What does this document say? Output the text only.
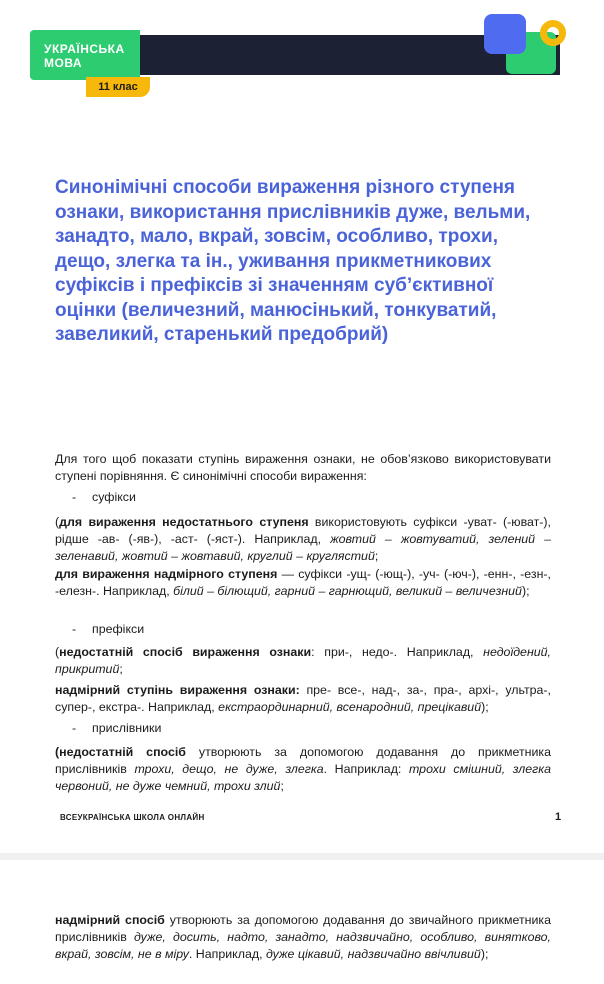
УКРАЇНСЬКА МОВА
11 клас
Синонімічні способи вираження різного ступеня ознаки, використання прислівників дуже, вельми, занадто, мало, вкрай, зовсім, особливо, трохи, дещо, злегка та ін., уживання прикметникових суфіксів і префіксів зі значенням суб’єктивної оцінки (величезний, манюсінький, тонкуватий, завеликий, старенький предобрий)

Для того щоб показати ступінь вираження ознаки, не обов’язково використовувати ступені порівняння. Є синонімічні способи вираження:

- суфікси

(для вираження недостатнього ступеня використовують суфікси -уват- (-юват-), рідше -ав- (-яв-), -аст- (-яст-). Наприклад, жовтий – жовтуватий, зелений – зеленавий, жовтий – жовтавий, круглий – круглястий;

для вираження надмірного ступеня — суфікси -ущ- (-ющ-), -уч- (-юч-), -енн-, -езн-, -елезн-. Наприклад, білий – білющий, гарний – гарнющий, великий – величезний);

- префікси

(недостатній спосіб вираження ознаки: при-, недо-. Наприклад, недоїдений, прикритий;

надмірний ступінь вираження ознаки: пре- все-, над-, за-, пра-, архі-, ультра-, супер-, екстра-. Наприклад, екстраординарний, всенародний, прецікавий);

- прислівники

(недостатній спосіб утворюють за допомогою додавання до прикметника прислівників трохи, дещо, не дуже, злегка. Наприклад: трохи смішний, злегка червоний, не дуже чемний, трохи злий;

ВСЕУКРАЇНСЬКА ШКОЛА ОНЛАЙН	1

надмірний спосіб утворюють за допомогою додавання до звичайного прикметника прислівників дуже, досить, надто, занадто, надзвичайно, особливо, винятково, вкрай, зовсім, не в міру. Наприклад, дуже цікавий, надзвичайно ввічливий);
